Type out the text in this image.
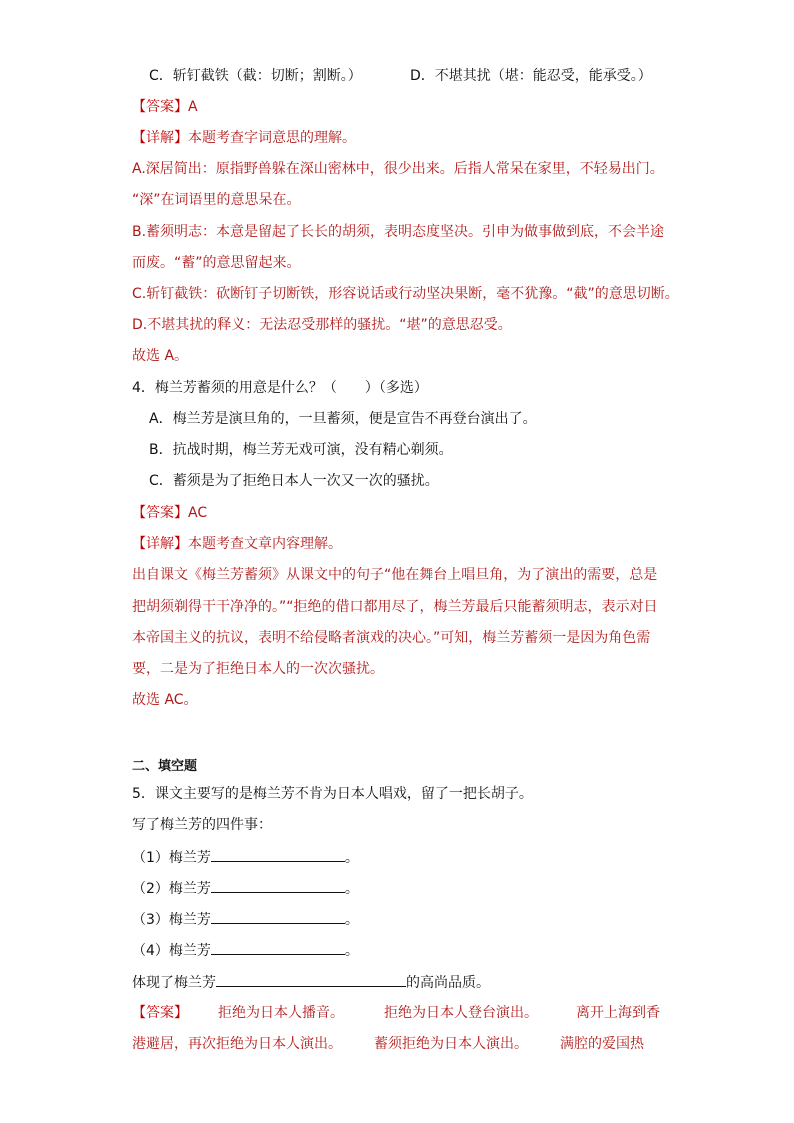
C．斩钉截铁（截：切断；割断。）	D．不堪其扰（堪：能忍受，能承受。）
【答案】A
【详解】本题考查字词意思的理解。
A.深居简出：原指野兽躲在深山密林中，很少出来。后指人常呆在家里，不轻易出门。
“深”在词语里的意思呆在。
B.蓄须明志：本意是留起了长长的胡须，表明态度坚决。引申为做事做到底，不会半途
而废。“蓄”的意思留起来。
C.斩钉截铁：砍断钉子切断铁，形容说话或行动坚决果断，毫不犹豫。“截”的意思切断。
D.不堪其扰的释义：无法忍受那样的骚扰。“堪”的意思忍受。
故选 A。
4．梅兰芳蓄须的用意是什么？（　　）（多选）
A．梅兰芳是演旦角的，一旦蓄须，便是宣告不再登台演出了。
B．抗战时期，梅兰芳无戏可演，没有精心剃须。
C．蓄须是为了拒绝日本人一次又一次的骚扰。
【答案】AC
【详解】本题考查文章内容理解。
出自课文《梅兰芳蓄须》从课文中的句子“他在舞台上唱旦角，为了演出的需要，总是
把胡须剃得干干净净的。”“拒绝的借口都用尽了，梅兰芳最后只能蓄须明志，表示对日
本帝国主义的抗议，表明不给侵略者演戏的决心。”可知，梅兰芳蓄须一是因为角色需
要，二是为了拒绝日本人的一次次骚扰。
故选 AC。
二、填空题
5．课文主要写的是梅兰芳不肯为日本人唱戏，留了一把长胡子。
写了梅兰芳的四件事：
（1）梅兰芳	。
（2）梅兰芳	。
（3）梅兰芳	。
（4）梅兰芳	。
体现了梅兰芳	的高尚品质。
【答案】 拒绝为日本人播音。	拒绝为日本人登台演出。	离开上海到香
港避居，再次拒绝为日本人演出。 蓄须拒绝为日本人演出。 满腔的爱国热
